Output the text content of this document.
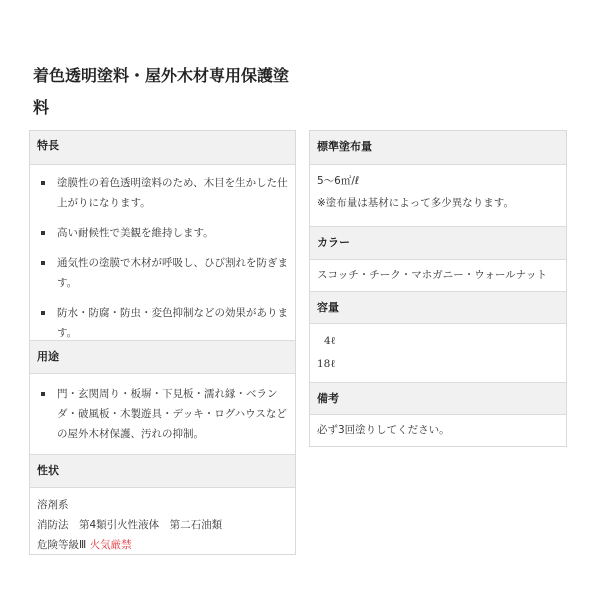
着色透明塗料・屋外木材専用保護塗料
特長
塗膜性の着色透明塗料のため、木目を生かした仕上がりになります。
高い耐候性で美観を維持します。
通気性の塗膜で木材が呼吸し、ひび割れを防ぎます。
防水・防腐・防虫・変色抑制などの効果があります。
用途
門・玄関周り・板塀・下見板・濡れ縁・ベランダ・破風板・木製遊具・デッキ・ログハウスなどの屋外木材保護、汚れの抑制。
性状
溶剤系
消防法　第4類引火性液体　第二石油類
危険等級Ⅲ 火気厳禁
標準塗布量
5〜6㎡/ℓ
※塗布量は基材によって多少異なります。
カラー
スコッチ・チーク・マホガニー・ウォールナット
容量
4ℓ
18ℓ
備考
必ず3回塗りしてください。
